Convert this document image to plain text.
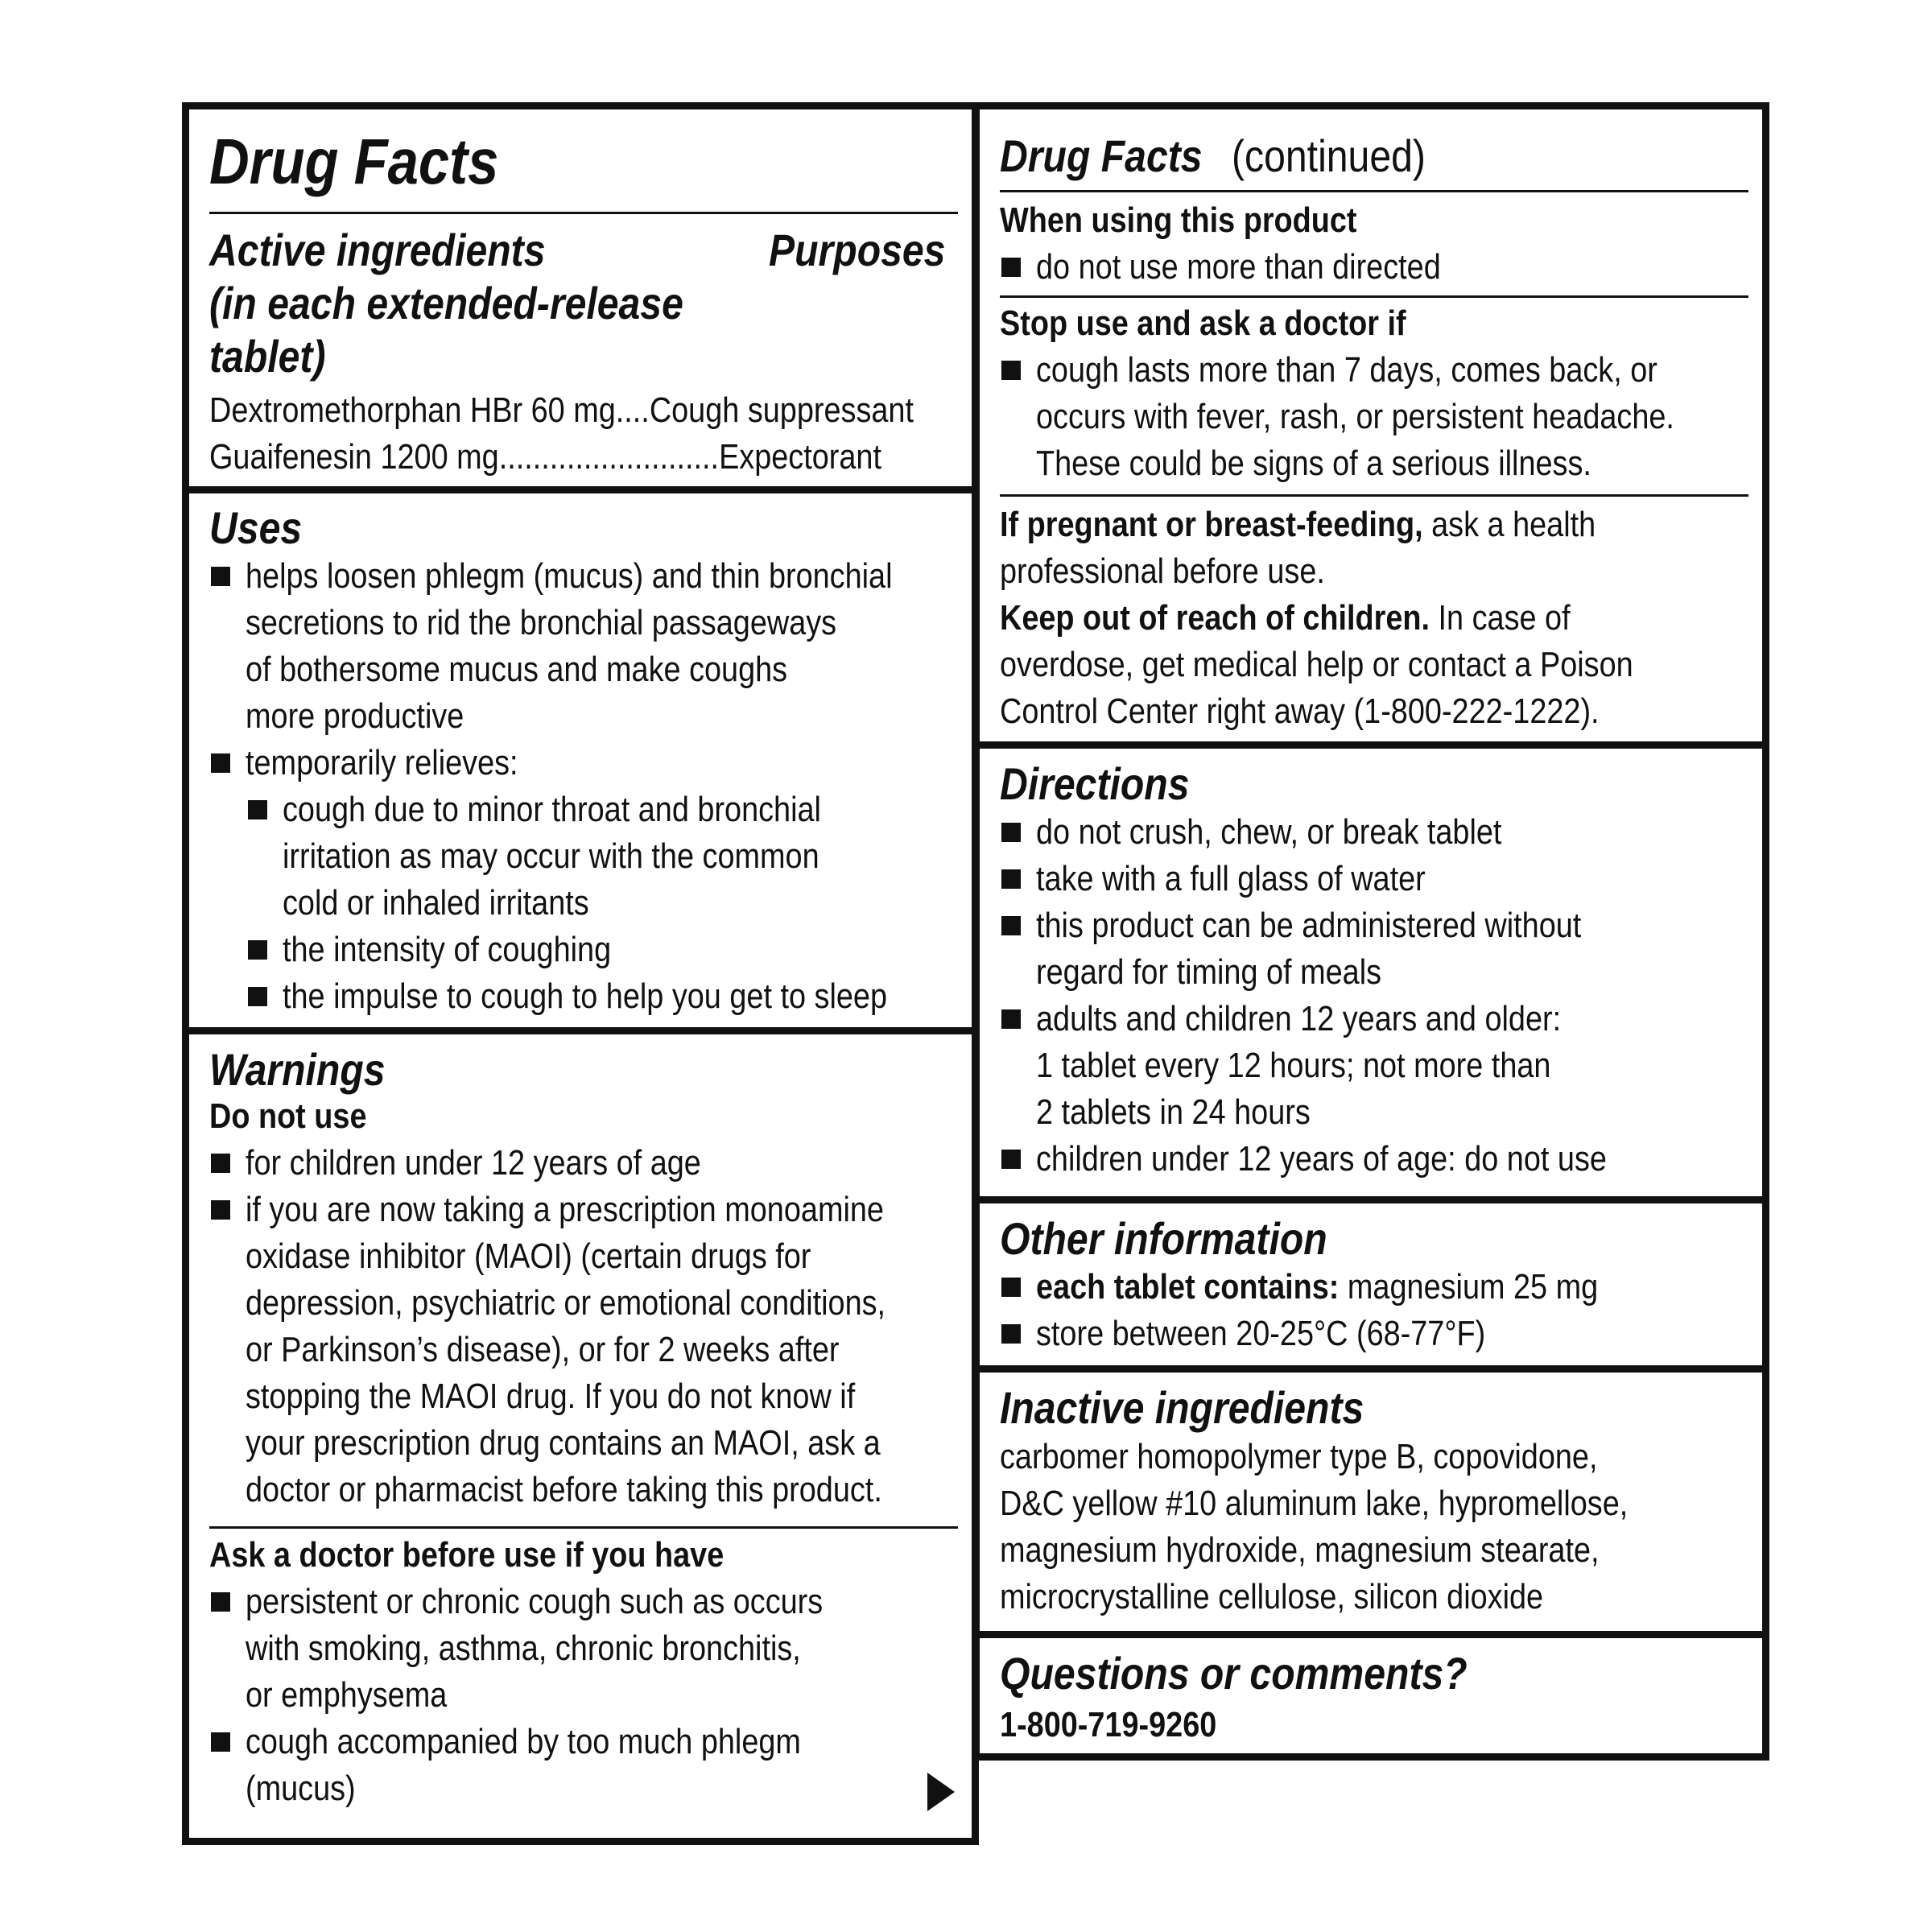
Drug Facts
Active ingredients	Purposes
(in each extended-release
tablet)
Dextromethorphan HBr 60 mg....Cough suppressant
Guaifenesin 1200 mg..........................Expectorant
Uses
helps loosen phlegm (mucus) and thin bronchial
secretions to rid the bronchial passageways
of bothersome mucus and make coughs
more productive
temporarily relieves:
cough due to minor throat and bronchial
irritation as may occur with the common
cold or inhaled irritants
the intensity of coughing
the impulse to cough to help you get to sleep
Warnings
Do not use
for children under 12 years of age
if you are now taking a prescription monoamine
oxidase inhibitor (MAOI) (certain drugs for
depression, psychiatric or emotional conditions,
or Parkinson’s disease), or for 2 weeks after
stopping the MAOI drug. If you do not know if
your prescription drug contains an MAOI, ask a
doctor or pharmacist before taking this product.
Ask a doctor before use if you have
persistent or chronic cough such as occurs
with smoking, asthma, chronic bronchitis,
or emphysema
cough accompanied by too much phlegm
(mucus)
Drug Facts (continued)
When using this product
do not use more than directed
Stop use and ask a doctor if
cough lasts more than 7 days, comes back, or
occurs with fever, rash, or persistent headache.
These could be signs of a serious illness.
If pregnant or breast-feeding, ask a health
professional before use.
Keep out of reach of children. In case of
overdose, get medical help or contact a Poison
Control Center right away (1-800-222-1222).
Directions
do not crush, chew, or break tablet
take with a full glass of water
this product can be administered without
regard for timing of meals
adults and children 12 years and older:
1 tablet every 12 hours; not more than
2 tablets in 24 hours
children under 12 years of age: do not use
Other information
each tablet contains: magnesium 25 mg
store between 20-25°C (68-77°F)
Inactive ingredients
carbomer homopolymer type B, copovidone,
D&C yellow #10 aluminum lake, hypromellose,
magnesium hydroxide, magnesium stearate,
microcrystalline cellulose, silicon dioxide
Questions or comments?
1-800-719-9260
